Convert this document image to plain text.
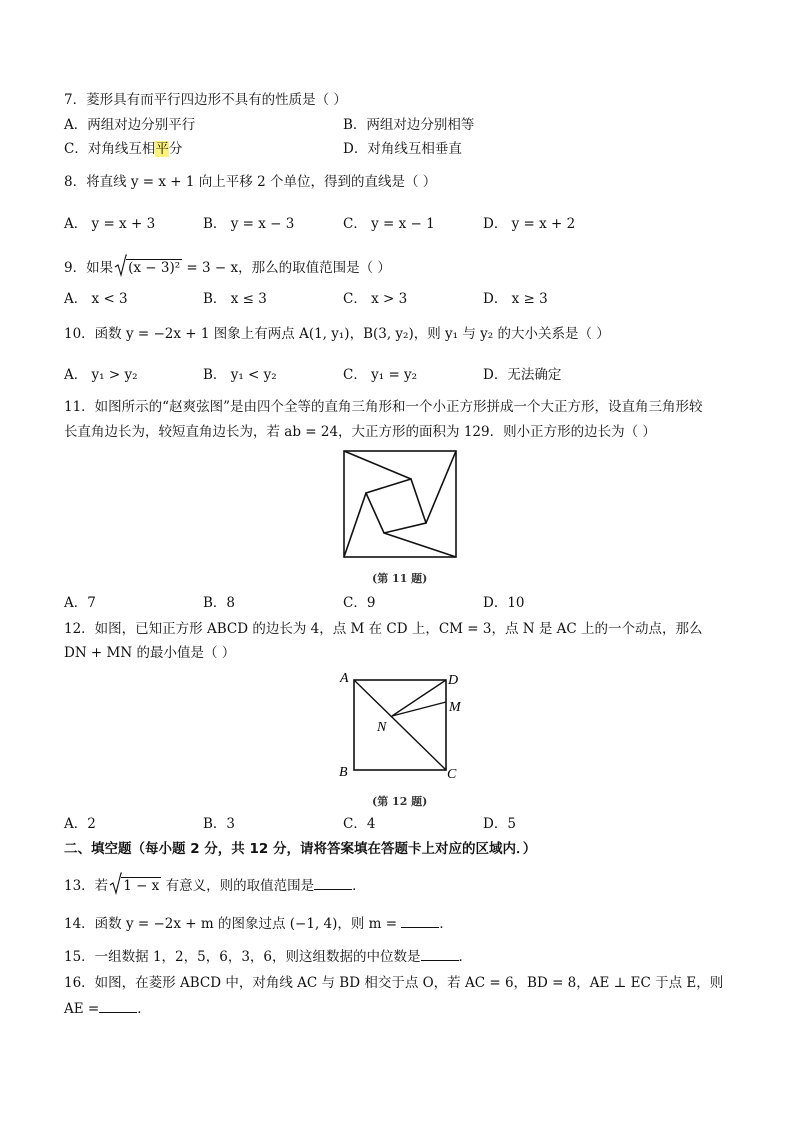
7．菱形具有而平行四边形不具有的性质是（ ）
A．两组对边分别平行	B．两组对边分别相等
C．对角线互相平分	D．对角线互相垂直
8．将直线 y = x + 1 向上平移 2 个单位，得到的直线是（ ）
A． y = x + 3	B． y = x − 3	C． y = x − 1	D． y = x + 2
9．如果 (x − 3)² = 3 − x，那么的取值范围是（ ）
A． x < 3	B． x ≤ 3	C． x > 3	D． x ≥ 3
10．函数 y = −2x + 1 图象上有两点 A(1, y₁)，B(3, y₂)，则 y₁ 与 y₂ 的大小关系是（ ）
A． y₁ > y₂	B． y₁ < y₂	C． y₁ = y₂	D．无法确定
11．如图所示的“赵爽弦图”是由四个全等的直角三角形和一个小正方形拼成一个大正方形，设直角三角形较
长直角边长为，较短直角边长为，若 ab = 24，大正方形的面积为 129．则小正方形的边长为（ ）
(第 11 题)
A．7	B．8	C．9	D．10
12．如图，已知正方形 ABCD 的边长为 4，点 M 在 CD 上，CM = 3，点 N 是 AC 上的一个动点，那么
DN + MN 的最小值是（ ）
A	D
M
N
B	C
(第 12 题)
A．2	B．3	C．4	D．5
二、填空题（每小题 2 分，共 12 分，请将答案填在答题卡上对应的区域内．）
13．若 1 − x 有意义，则的取值范围是	．
14．函数 y = −2x + m 的图象过点 (−1, 4)，则 m =	．
15．一组数据 1，2，5，6，3，6，则这组数据的中位数是	．
16．如图，在菱形 ABCD 中，对角线 AC 与 BD 相交于点 O，若 AC = 6，BD = 8，AE ⊥ EC 于点 E，则
AE =	．
